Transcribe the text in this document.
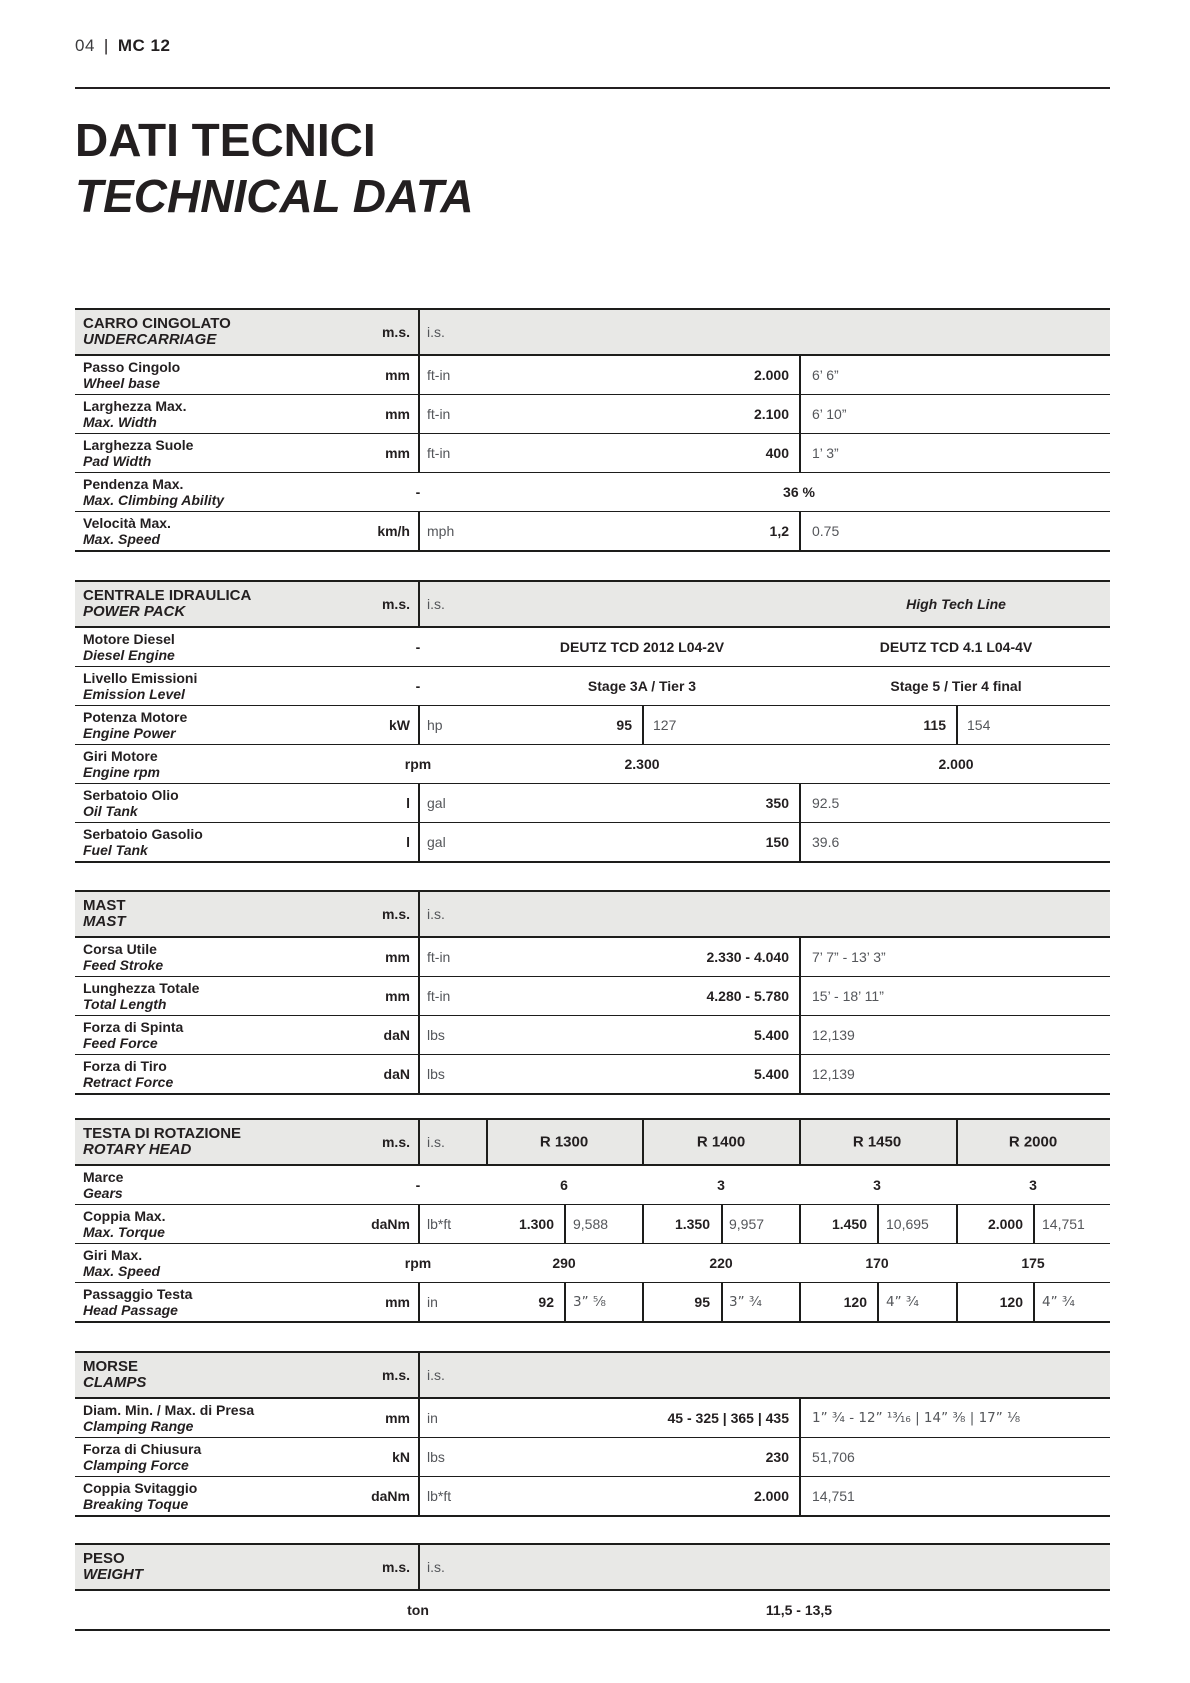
04 | MC 12
DATI TECNICI
TECHNICAL DATA
CARRO CINGOLATO
UNDERCARRIAGE	m.s. i.s.
Passo Cingolo
Wheel base	mm ft-in	2.000 6’ 6”
Larghezza Max.
Max. Width	mm ft-in	2.100 6’ 10”
Larghezza Suole
Pad Width	mm ft-in	400 1’ 3”
Pendenza Max.
Max. Climbing Ability	-	36 %
Velocità Max.
Max. Speed	km/h mph	1,2 0.75
CENTRALE IDRAULICA
POWER PACK	m.s. i.s.	High Tech Line
Motore Diesel
Diesel Engine	-	DEUTZ TCD 2012 L04-2V	DEUTZ TCD 4.1 L04-4V
Livello Emissioni
Emission Level	-	Stage 3A / Tier 3	Stage 5 / Tier 4 final
Potenza Motore
Engine Power	kW hp	95 127	115 154
Giri Motore
Engine rpm	rpm	2.300	2.000
Serbatoio Olio
Oil Tank	l gal	350 92.5
Serbatoio Gasolio
Fuel Tank	l gal	150 39.6
MAST
MAST	m.s. i.s.
Corsa Utile
Feed Stroke	mm ft-in	2.330 - 4.040 7’ 7” - 13’ 3”
Lunghezza Totale
Total Length	mm ft-in	4.280 - 5.780 15’ - 18’ 11”
Forza di Spinta
Feed Force	daN lbs	5.400 12,139
Forza di Tiro
Retract Force	daN lbs	5.400 12,139
TESTA DI ROTAZIONE
ROTARY HEAD	m.s. i.s.	R 1300	R 1400	R 1450	R 2000
Marce
Gears	-	6	3	3	3
Coppia Max.
Max. Torque	daNm lb*ft	1.300 9,588	1.350 9,957	1.450 10,695	2.000 14,751
Giri Max.
Max. Speed	rpm	290	220	170	175
Passaggio Testa
Head Passage	mm in	92 3” ⁵⁄₈	95 3” ³⁄₄	120 4” ³⁄₄	120 4” ³⁄₄
MORSE
CLAMPS	m.s. i.s.
Diam. Min. / Max. di Presa
Clamping Range	mm in	45 - 325 | 365 | 435 1” ³⁄₄ - 12” ¹³⁄₁₆ | 14” ³⁄₈ | 17” ¹⁄₈
Forza di Chiusura
Clamping Force	kN lbs	230 51,706
Coppia Svitaggio
Breaking Toque	daNm lb*ft	2.000 14,751
PESO
WEIGHT	m.s. i.s.
ton	11,5 - 13,5
